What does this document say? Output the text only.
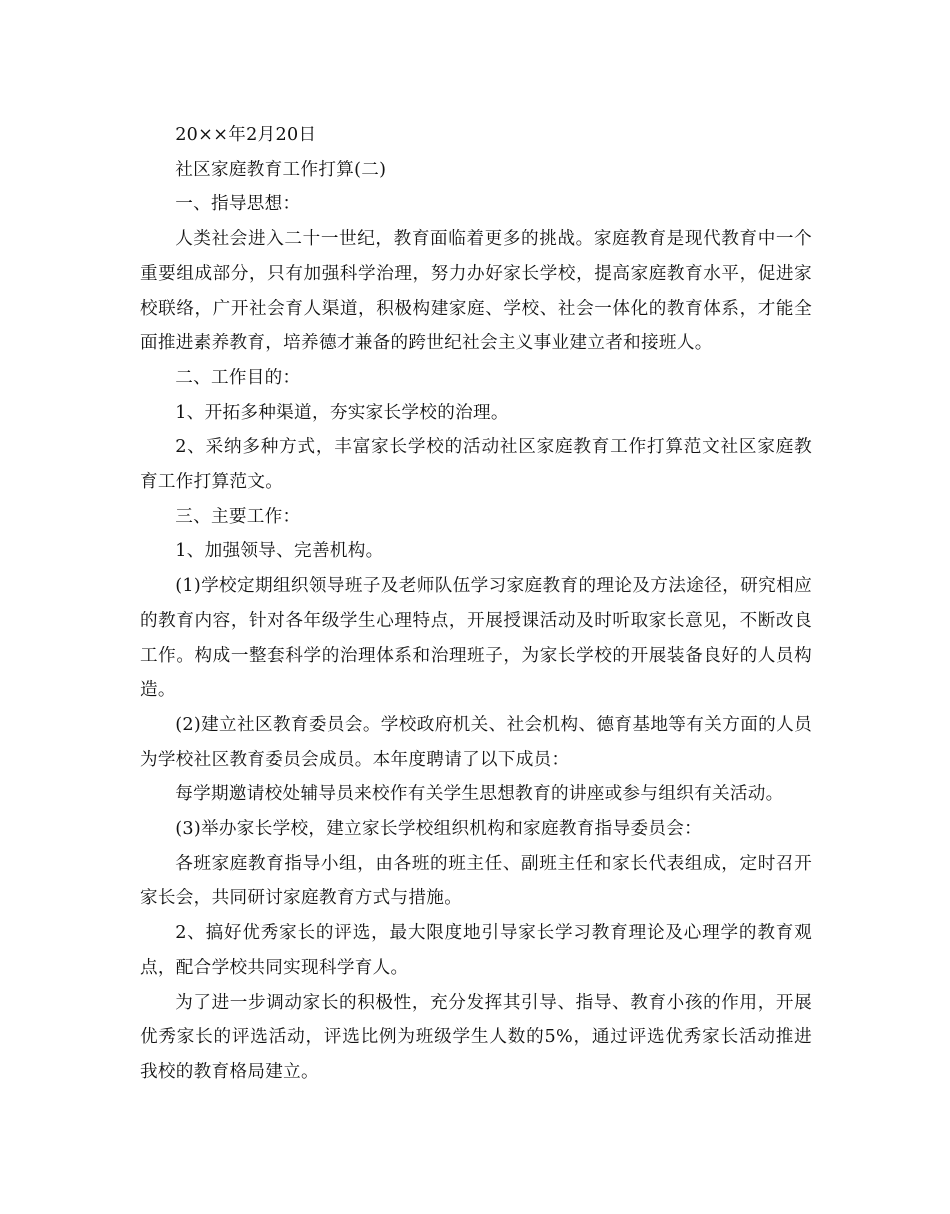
20××年2月20日

社区家庭教育工作打算(二)

一、指导思想：

人类社会进入二十一世纪，教育面临着更多的挑战。家庭教育是现代教育中一个重要组成部分，只有加强科学治理，努力办好家长学校，提高家庭教育水平，促进家校联络，广开社会育人渠道，积极构建家庭、学校、社会一体化的教育体系，才能全面推进素养教育，培养德才兼备的跨世纪社会主义事业建立者和接班人。

二、工作目的：

1、开拓多种渠道，夯实家长学校的治理。

2、采纳多种方式，丰富家长学校的活动社区家庭教育工作打算范文社区家庭教育工作打算范文。

三、主要工作：

1、加强领导、完善机构。

(1)学校定期组织领导班子及老师队伍学习家庭教育的理论及方法途径，研究相应的教育内容，针对各年级学生心理特点，开展授课活动及时听取家长意见，不断改良工作。构成一整套科学的治理体系和治理班子，为家长学校的开展装备良好的人员构造。

(2)建立社区教育委员会。学校政府机关、社会机构、德育基地等有关方面的人员为学校社区教育委员会成员。本年度聘请了以下成员：

每学期邀请校处辅导员来校作有关学生思想教育的讲座或参与组织有关活动。

(3)举办家长学校，建立家长学校组织机构和家庭教育指导委员会：

各班家庭教育指导小组，由各班的班主任、副班主任和家长代表组成，定时召开家长会，共同研讨家庭教育方式与措施。

2、搞好优秀家长的评选，最大限度地引导家长学习教育理论及心理学的教育观点，配合学校共同实现科学育人。

为了进一步调动家长的积极性，充分发挥其引导、指导、教育小孩的作用，开展优秀家长的评选活动，评选比例为班级学生人数的5%，通过评选优秀家长活动推进我校的教育格局建立。
